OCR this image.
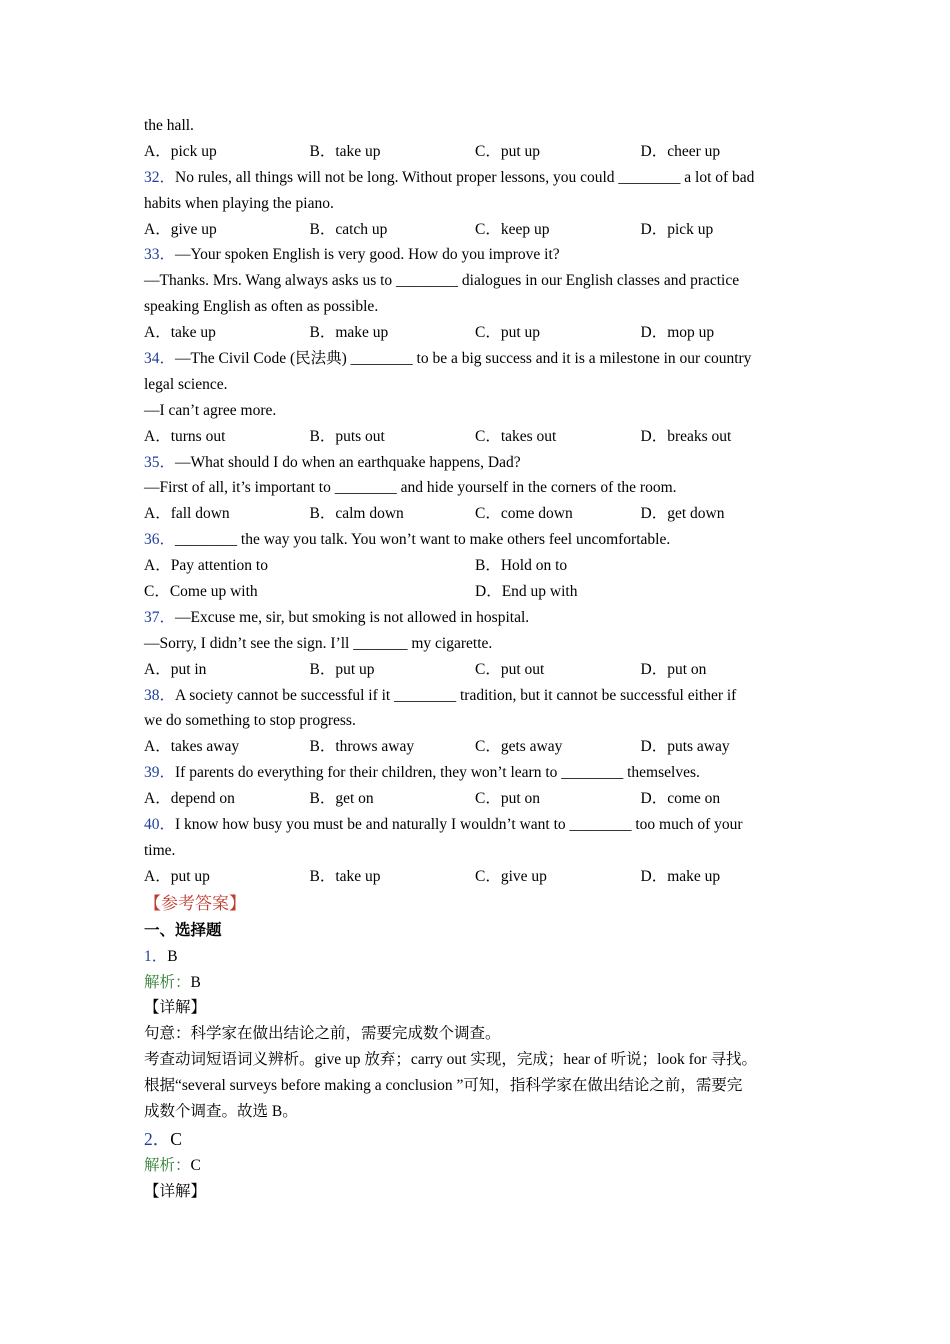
the hall.
A．pick up	B．take up	C．put up	D．cheer up
32．No rules, all things will not be long. Without proper lessons, you could ________ a lot of bad
habits when playing the piano.
A．give up	B．catch up	C．keep up	D．pick up
33．—Your spoken English is very good. How do you improve it?
—Thanks. Mrs. Wang always asks us to ________ dialogues in our English classes and practice
speaking English as often as possible.
A．take up	B．make up	C．put up	D．mop up
34．—The Civil Code (民法典) ________ to be a big success and it is a milestone in our country
legal science.
—I can’t agree more.
A．turns out	B．puts out	C．takes out	D．breaks out
35．—What should I do when an earthquake happens, Dad?
—First of all, it’s important to ________ and hide yourself in the corners of the room.
A．fall down	B．calm down	C．come down	D．get down
36．________ the way you talk. You won’t want to make others feel uncomfortable.
A．Pay attention to	B．Hold on to
C．Come up with	D．End up with
37．—Excuse me, sir, but smoking is not allowed in hospital.
—Sorry, I didn’t see the sign. I’ll _______ my cigarette.
A．put in	B．put up	C．put out	D．put on
38．A society cannot be successful if it ________ tradition, but it cannot be successful either if
we do something to stop progress.
A．takes away	B．throws away	C．gets away	D．puts away
39．If parents do everything for their children, they won’t learn to ________ themselves.
A．depend on	B．get on	C．put on	D．come on
40．I know how busy you must be and naturally I wouldn’t want to ________ too much of your
time.
A．put up	B．take up	C．give up	D．make up
【参考答案】
一、选择题
1．B
解析：B
【详解】
句意：科学家在做出结论之前，需要完成数个调查。
考查动词短语词义辨析。give up 放弃；carry out 实现，完成；hear of 听说；look for 寻找。
根据“several surveys before making a conclusion ”可知，指科学家在做出结论之前，需要完
成数个调查。故选 B。
2．C
解析：C
【详解】
